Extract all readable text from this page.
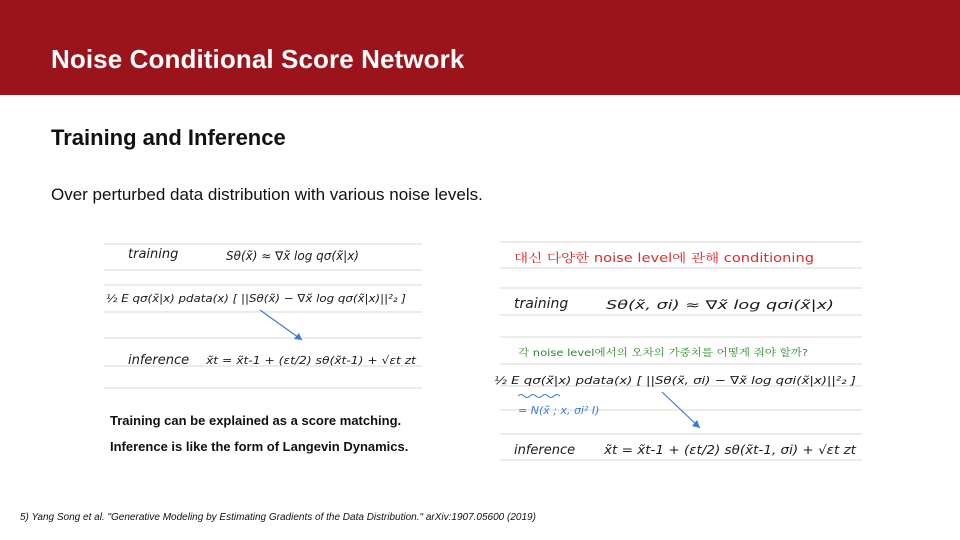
Noise Conditional Score Network
Training and Inference
Over perturbed data distribution with various noise levels.
training	Sθ(x̃) ≈ ∇x̃ log qσ(x̃|x)
½ E qσ(x̃|x) pdata(x) [ ||Sθ(x̃) − ∇x̃ log qσ(x̃|x)||²₂ ]
inference x̃t = x̃t-1 + (εt/2) sθ(x̃t-1) + √εt zt
Training can be explained as a score matching.
Inference is like the form of Langevin Dynamics.
대신 다양한 noise level에 관해 conditioning
training	Sθ(x̃, σi) ≈ ∇x̃ log qσi(x̃|x)
각 noise level에서의 오차의 가중치를 어떻게 줘야 할까?
½ E qσ(x̃|x) pdata(x) [ ||Sθ(x̃, σi) − ∇x̃ log qσi(x̃|x)||²₂ ]
= N(x̃ ; x, σi² I)
inference x̃t = x̃t-1 + (εt/2) sθ(x̃t-1, σi) + √εt zt
5) Yang Song et al. "Generative Modeling by Estimating Gradients of the Data Distribution." arXiv:1907.05600 (2019)
